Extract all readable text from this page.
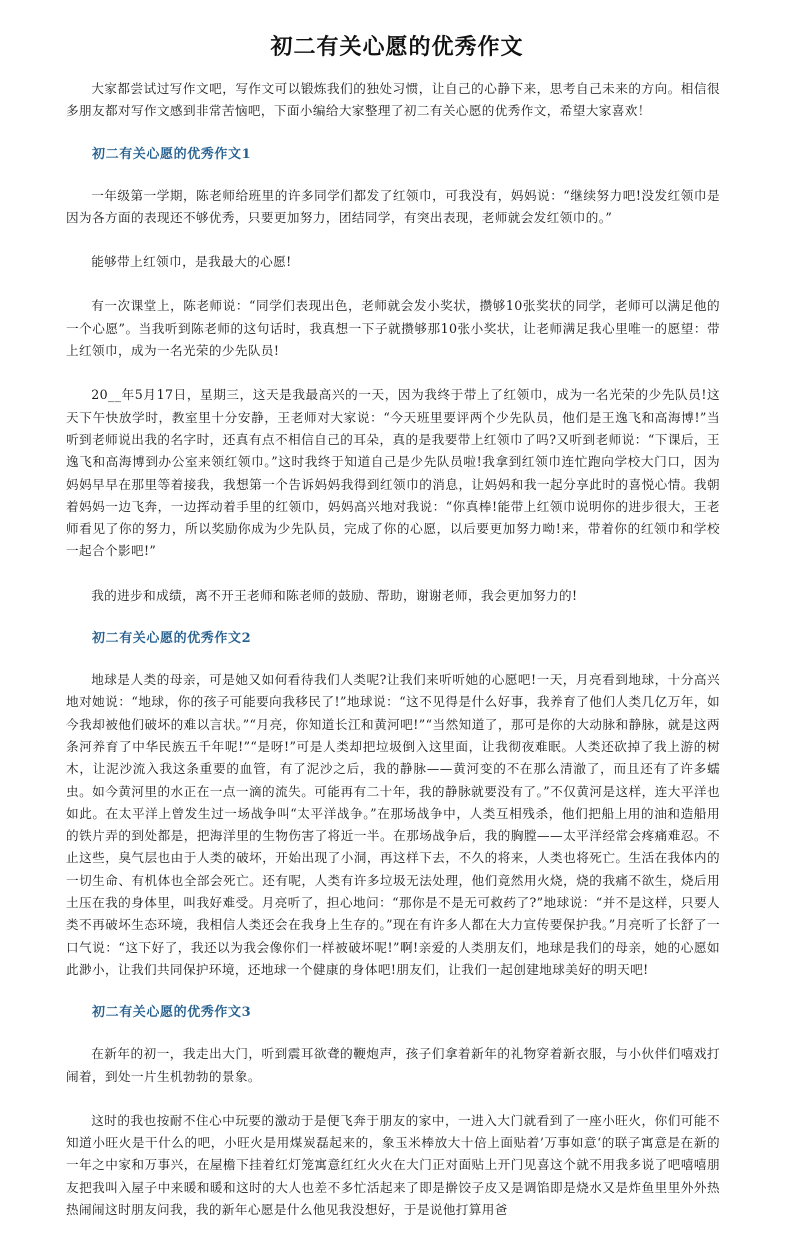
初二有关心愿的优秀作文

大家都尝试过写作文吧，写作文可以锻炼我们的独处习惯，让自己的心静下来，思考自己未来的方向。相信很多朋友都对写作文感到非常苦恼吧，下面小编给大家整理了初二有关心愿的优秀作文，希望大家喜欢！

初二有关心愿的优秀作文1

一年级第一学期，陈老师给班里的许多同学们都发了红领巾，可我没有，妈妈说：“继续努力吧!没发红领巾是因为各方面的表现还不够优秀，只要更加努力，团结同学，有突出表现，老师就会发红领巾的。”

能够带上红领巾，是我最大的心愿!

有一次课堂上，陈老师说：“同学们表现出色，老师就会发小奖状，攒够10张奖状的同学，老师可以满足他的一个心愿”。当我听到陈老师的这句话时，我真想一下子就攒够那10张小奖状，让老师满足我心里唯一的愿望：带上红领巾，成为一名光荣的少先队员!

20__年5月17日，星期三，这天是我最高兴的一天，因为我终于带上了红领巾，成为一名光荣的少先队员!这天下午快放学时，教室里十分安静，王老师对大家说：“今天班里要评两个少先队员，他们是王逸飞和高海博!”当听到老师说出我的名字时，还真有点不相信自己的耳朵，真的是我要带上红领巾了吗?又听到老师说：“下课后，王逸飞和高海博到办公室来领红领巾。”这时我终于知道自己是少先队员啦!我拿到红领巾连忙跑向学校大门口，因为妈妈早早在那里等着接我，我想第一个告诉妈妈我得到红领巾的消息，让妈妈和我一起分享此时的喜悦心情。我朝着妈妈一边飞奔，一边挥动着手里的红领巾，妈妈高兴地对我说：“你真棒!能带上红领巾说明你的进步很大，王老师看见了你的努力，所以奖励你成为少先队员，完成了你的心愿，以后要更加努力呦!来，带着你的红领巾和学校一起合个影吧!”

我的进步和成绩，离不开王老师和陈老师的鼓励、帮助，谢谢老师，我会更加努力的!

初二有关心愿的优秀作文2

地球是人类的母亲，可是她又如何看待我们人类呢?让我们来听听她的心愿吧!一天，月亮看到地球，十分高兴地对她说：“地球，你的孩子可能要向我移民了!”地球说：“这不见得是什么好事，我养育了他们人类几亿万年，如今我却被他们破坏的难以言状。”“月亮，你知道长江和黄河吧!”“当然知道了，那可是你的大动脉和静脉，就是这两条河养育了中华民族五千年呢!”“是呀!”可是人类却把垃圾倒入这里面，让我彻夜难眠。人类还砍掉了我上游的树木，让泥沙流入我这条重要的血管，有了泥沙之后，我的静脉——黄河变的不在那么清澈了，而且还有了许多蠕虫。如今黄河里的水正在一点一滴的流失。可能再有二十年，我的静脉就要没有了。”不仅黄河是这样，连大平洋也如此。在太平洋上曾发生过一场战争叫“太平洋战争。”在那场战争中，人类互相残杀，他们把船上用的油和造船用的铁片弄的到处都是，把海洋里的生物伤害了将近一半。在那场战争后，我的胸膛——太平洋经常会疼痛难忍。不止这些，臭气层也由于人类的破坏，开始出现了小洞，再这样下去，不久的将来，人类也将死亡。生活在我体内的一切生命、有机体也全部会死亡。还有呢，人类有许多垃圾无法处理，他们竟然用火烧，烧的我痛不欲生，烧后用土压在我的身体里，叫我好难受。月亮听了，担心地问：“那你是不是无可救药了?”地球说：“并不是这样，只要人类不再破坏生态环境，我相信人类还会在我身上生存的。”现在有许多人都在大力宣传要保护我。”月亮听了长舒了一口气说：“这下好了，我还以为我会像你们一样被破坏呢!”啊!亲爱的人类朋友们，地球是我们的母亲，她的心愿如此渺小，让我们共同保护环境，还地球一个健康的身体吧!朋友们，让我们一起创建地球美好的明天吧!

初二有关心愿的优秀作文3

在新年的初一，我走出大门，听到震耳欲聋的鞭炮声，孩子们拿着新年的礼物穿着新衣服，与小伙伴们嘻戏打闹着，到处一片生机勃勃的景象。

这时的我也按耐不住心中玩要的激动于是便飞奔于朋友的家中，一进入大门就看到了一座小旺火，你们可能不知道小旺火是干什么的吧，小旺火是用煤炭磊起来的，象玉米棒放大十倍上面贴着’万事如意‘的联子寓意是在新的一年之中家和万事兴，在屋檐下挂着红灯笼寓意红红火火在大门正对面贴上开门见喜这个就不用我多说了吧嘻嘻朋友把我叫入屋子中来暖和暖和这时的大人也差不多忙活起来了即是擀饺子皮又是调馅即是烧水又是炸鱼里里外外热热闹闹这时朋友问我，我的新年心愿是什么他见我没想好，于是说他打算用爸
